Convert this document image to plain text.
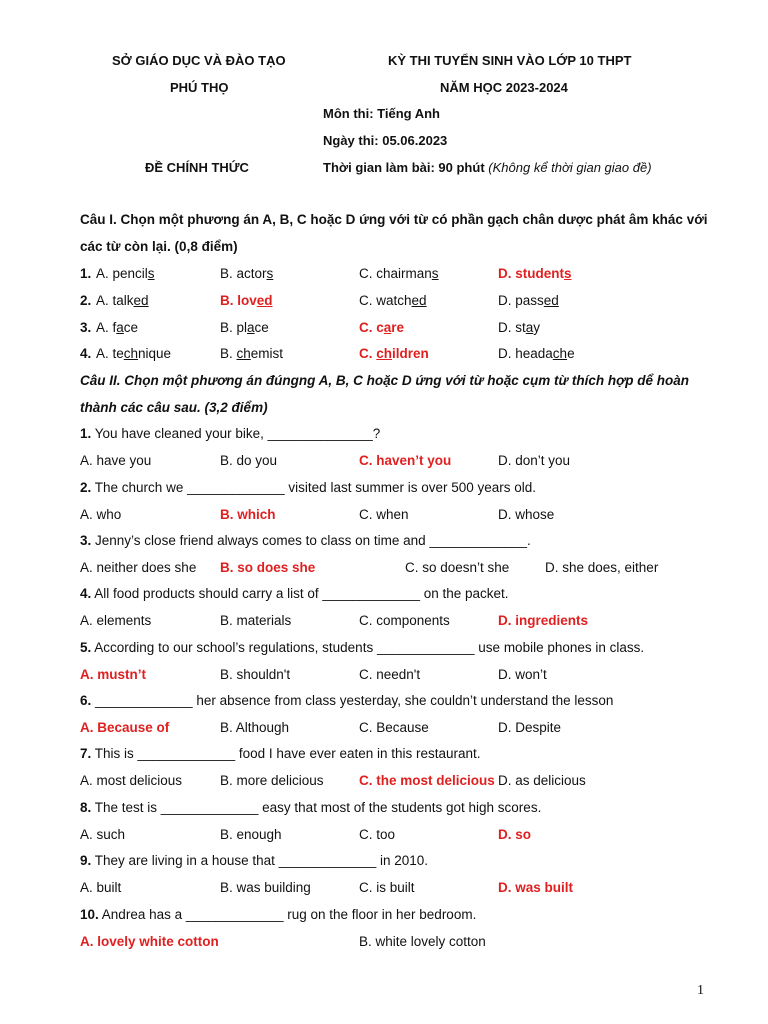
SỞ GIÁO DỤC VÀ ĐÀO TẠO
PHÚ THỌ
ĐỀ CHÍNH THỨC
KỲ THI TUYỂN SINH VÀO LỚP 10 THPT
NĂM HỌC 2023-2024
Môn thi: Tiếng Anh
Ngày thi: 05.06.2023
Thời gian làm bài: 90 phút (Không kể thời gian giao đề)
Câu I. Chọn một phương án A, B, C hoặc D ứng với từ có phần gạch chân dược phát âm khác với
các từ còn lại. (0,8 điểm)
1. A. pencils	B. actors	C. chairmans	D. students
2. A. talked	B. loved	C. watched	D. passed
3. A. face	B. place	C. care	D. stay
4. A. technique	B. chemist	C. children	D. headache
Câu II. Chọn một phương án đúngng A, B, C hoặc D ứng với từ hoặc cụm từ thích hợp dể hoàn
thành các câu sau. (3,2 điểm)
1. You have cleaned your bike, ______________?
A. have you	B. do you	C. haven’t you	D. don’t you
2. The church we _____________ visited last summer is over 500 years old.
A. who	B. which	C. when	D. whose
3. Jenny’s close friend always comes to class on time and _____________.
A. neither does she B. so does she	C. so doesn’t she	D. she does, either
4. All food products should carry a list of _____________ on the packet.
A. elements	B. materials	C. components	D. ingredients
5. According to our school’s regulations, students _____________ use mobile phones in class.
A. mustn’t	B. shouldn't	C. needn't	D. won’t
6. _____________ her absence from class yesterday, she couldn’t understand the lesson
A. Because of	B. Although	C. Because	D. Despite
7. This is _____________ food I have ever eaten in this restaurant.
A. most delicious	B. more delicious	C. the most delicious D. as delicious
8. The test is _____________ easy that most of the students got high scores.
A. such	B. enough	C. too	D. so
9. They are living in a house that _____________ in 2010.
A. built	B. was building	C. is built	D. was built
10. Andrea has a _____________ rug on the floor in her bedroom.
A. lovely white cotton	B. white lovely cotton
1
